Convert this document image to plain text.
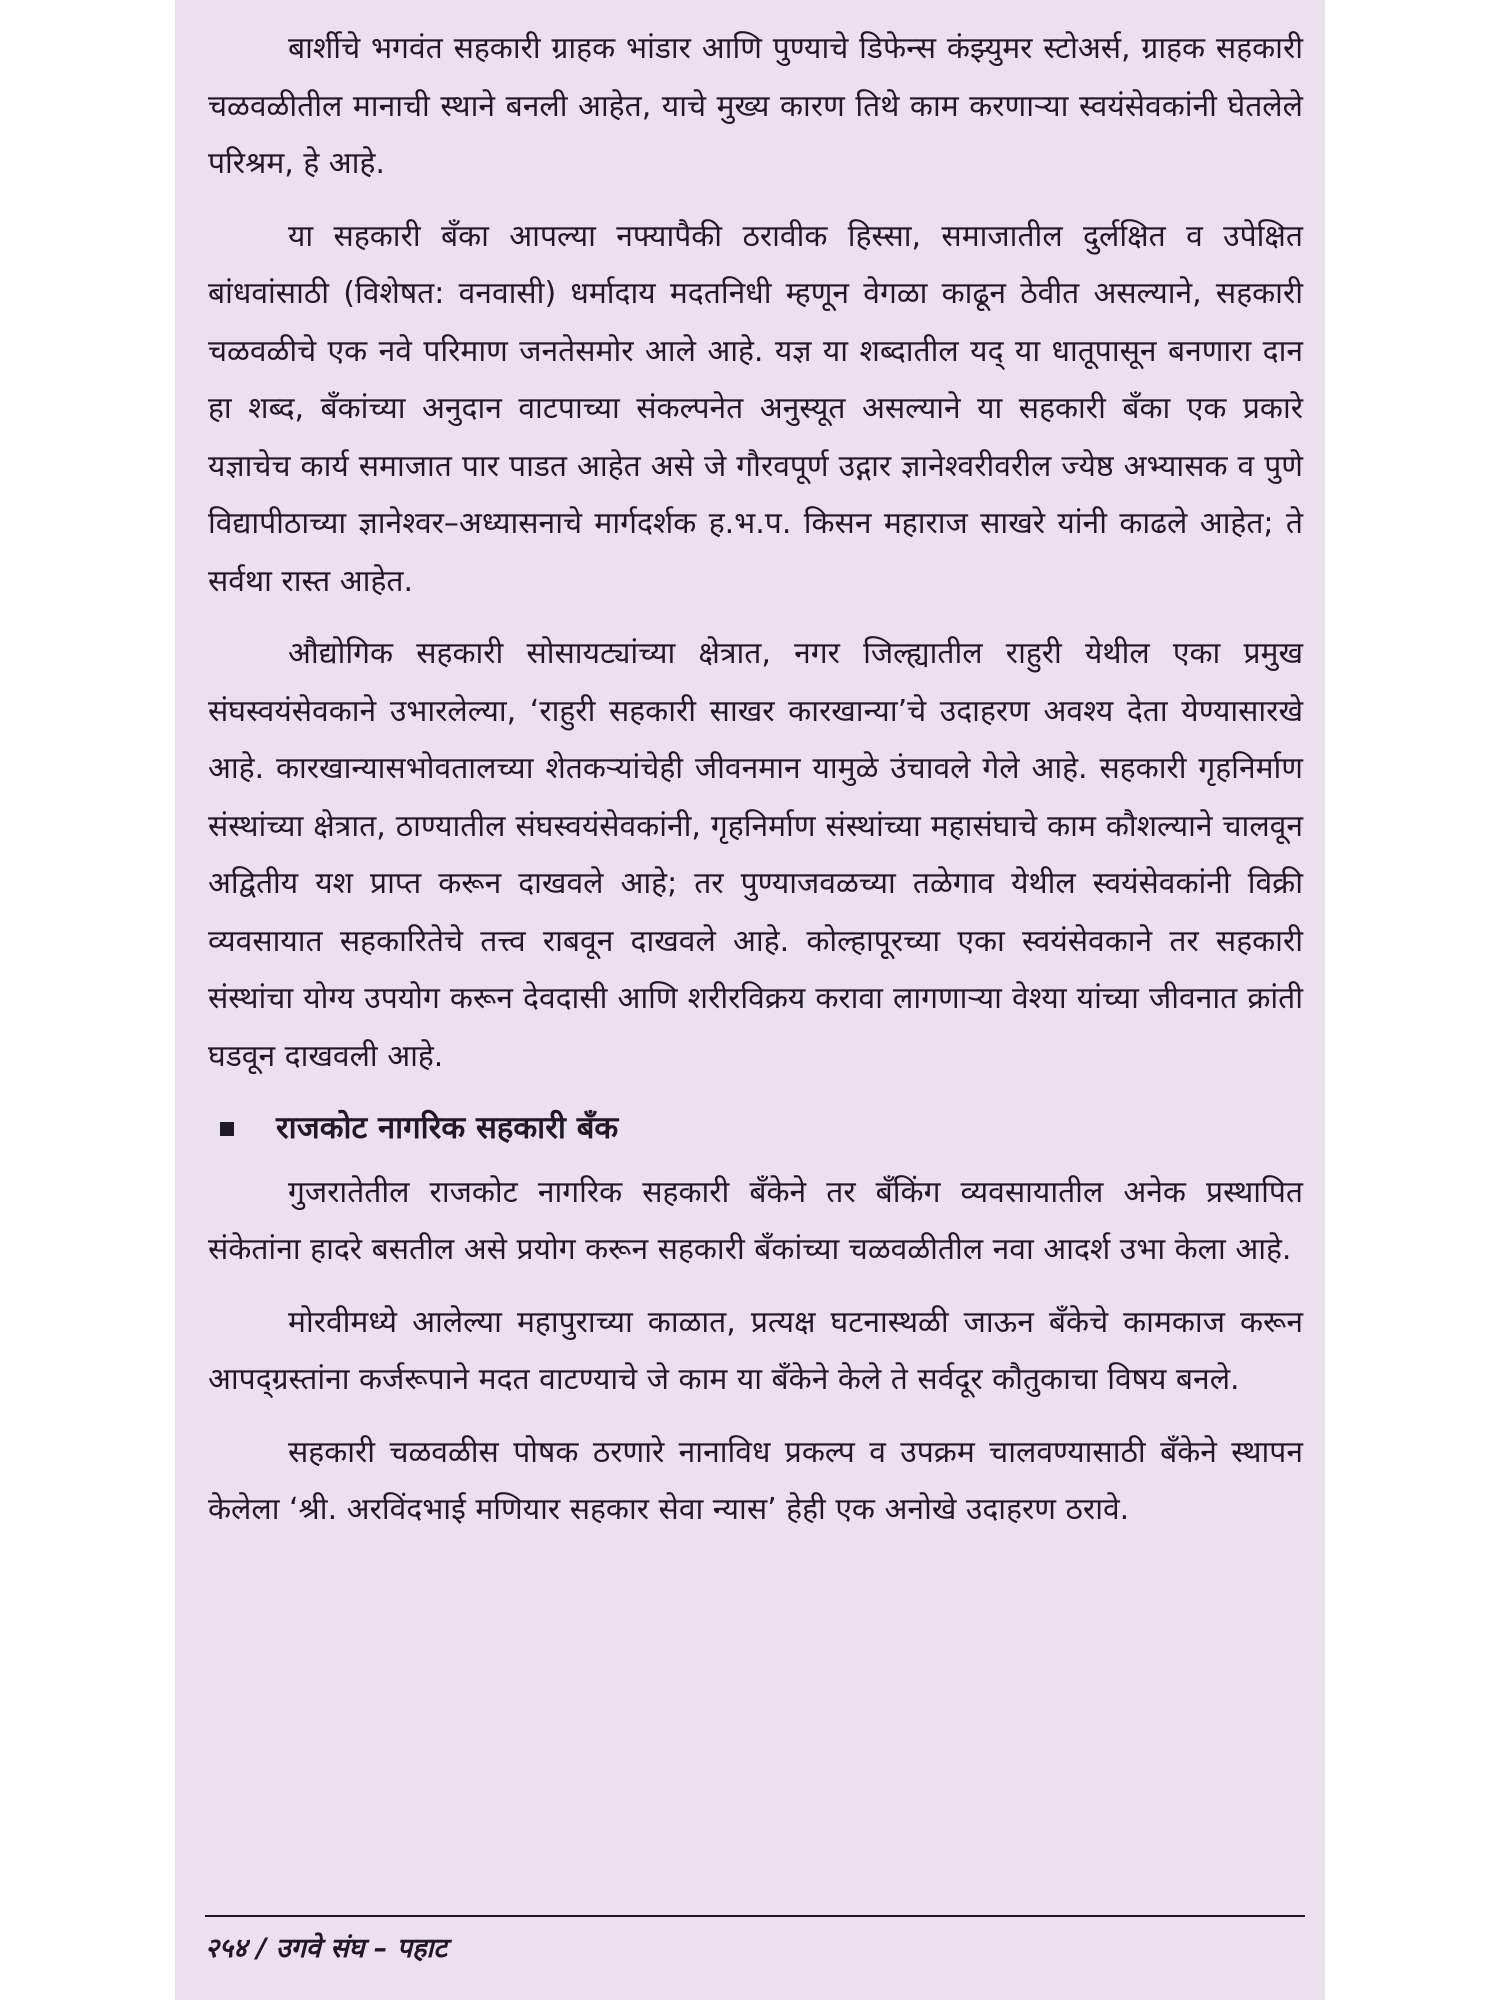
बार्शीचे भगवंत सहकारी ग्राहक भांडार आणि पुण्याचे डिफेन्स कंझ्युमर स्टोअर्स, ग्राहक सहकारी चळवळीतील मानाची स्थाने बनली आहेत, याचे मुख्य कारण तिथे काम करणाऱ्या स्वयंसेवकांनी घेतलेले परिश्रम, हे आहे.

या सहकारी बँका आपल्या नफ्यापैकी ठरावीक हिस्सा, समाजातील दुर्लक्षित व उपेक्षित बांधवांसाठी (विशेषत: वनवासी) धर्मादाय मदतनिधी म्हणून वेगळा काढून ठेवीत असल्याने, सहकारी चळवळीचे एक नवे परिमाण जनतेसमोर आले आहे. यज्ञ या शब्दातील यद् या धातूपासून बनणारा दान हा शब्द, बँकांच्या अनुदान वाटपाच्या संकल्पनेत अनुस्यूत असल्याने या सहकारी बँका एक प्रकारे यज्ञाचेच कार्य समाजात पार पाडत आहेत असे जे गौरवपूर्ण उद्गार ज्ञानेश्वरीवरील ज्येष्ठ अभ्यासक व पुणे विद्यापीठाच्या ज्ञानेश्वर–अध्यासनाचे मार्गदर्शक ह.भ.प. किसन महाराज साखरे यांनी काढले आहेत; ते सर्वथा रास्त आहेत.

औद्योगिक सहकारी सोसायट्यांच्या क्षेत्रात, नगर जिल्ह्यातील राहुरी येथील एका प्रमुख संघस्वयंसेवकाने उभारलेल्या, ‘राहुरी सहकारी साखर कारखान्या’चे उदाहरण अवश्य देता येण्यासारखे आहे. कारखान्यासभोवतालच्या शेतकऱ्यांचेही जीवनमान यामुळे उंचावले गेले आहे. सहकारी गृहनिर्माण संस्थांच्या क्षेत्रात, ठाण्यातील संघस्वयंसेवकांनी, गृहनिर्माण संस्थांच्या महासंघाचे काम कौशल्याने चालवून अद्वितीय यश प्राप्त करून दाखवले आहे; तर पुण्याजवळच्या तळेगाव येथील स्वयंसेवकांनी विक्री व्यवसायात सहकारितेचे तत्त्व राबवून दाखवले आहे. कोल्हापूरच्या एका स्वयंसेवकाने तर सहकारी संस्थांचा योग्य उपयोग करून देवदासी आणि शरीरविक्रय करावा लागणाऱ्या वेश्या यांच्या जीवनात क्रांती घडवून दाखवली आहे.

राजकोट नागरिक सहकारी बँक

गुजरातेतील राजकोट नागरिक सहकारी बँकेने तर बँकिंग व्यवसायातील अनेक प्रस्थापित संकेतांना हादरे बसतील असे प्रयोग करून सहकारी बँकांच्या चळवळीतील नवा आदर्श उभा केला आहे.

मोरवीमध्ये आलेल्या महापुराच्या काळात, प्रत्यक्ष घटनास्थळी जाऊन बँकेचे कामकाज करून आपद्ग्रस्तांना कर्जरूपाने मदत वाटण्याचे जे काम या बँकेने केले ते सर्वदूर कौतुकाचा विषय बनले.

सहकारी चळवळीस पोषक ठरणारे नानाविध प्रकल्प व उपक्रम चालवण्यासाठी बँकेने स्थापन केलेला ‘श्री. अरविंदभाई मणियार सहकार सेवा न्यास’ हेही एक अनोखे उदाहरण ठरावे.

२५४ / उगवे संघ – पहाट
